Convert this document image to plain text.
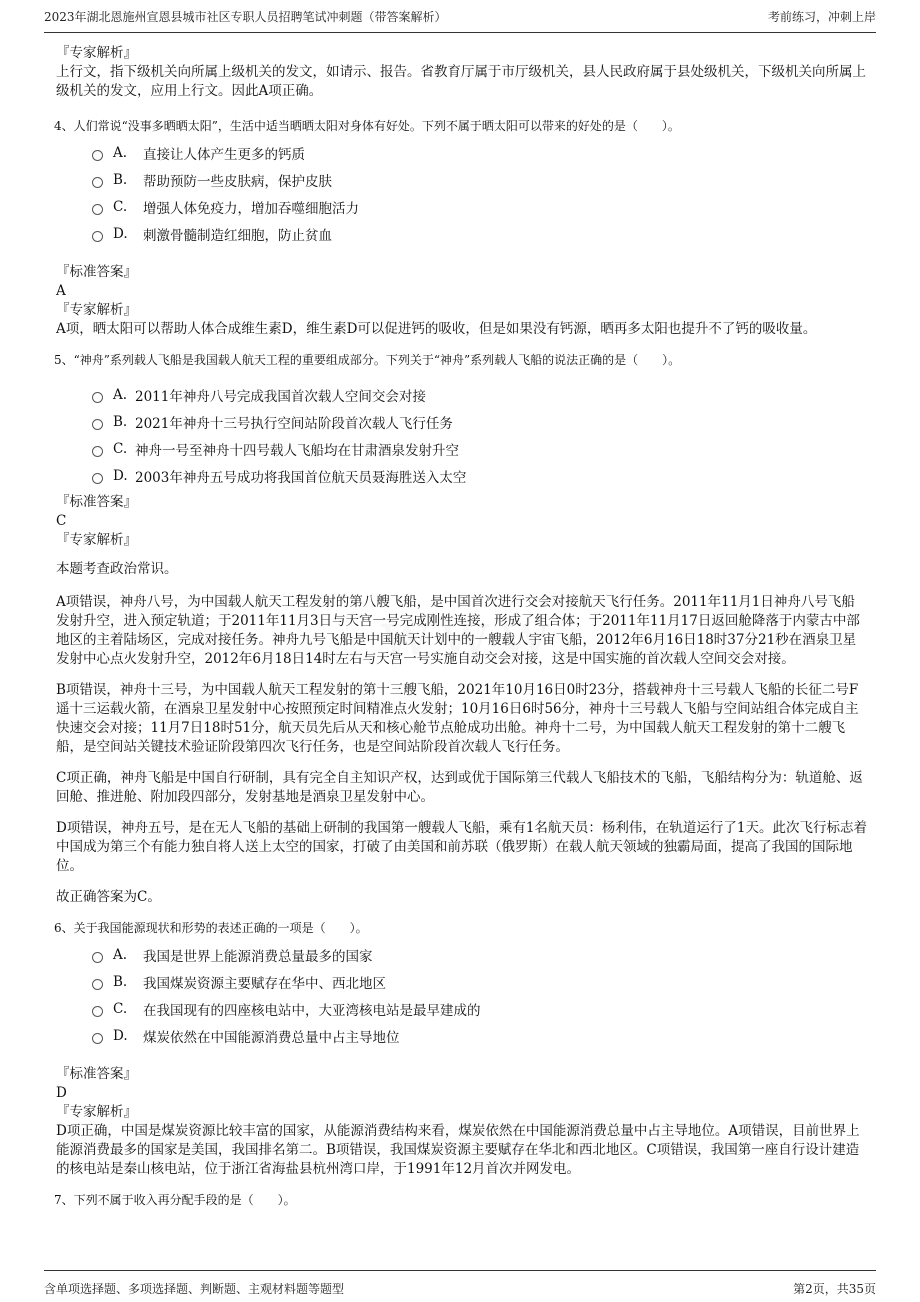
2023年湖北恩施州宣恩县城市社区专职人员招聘笔试冲刺题（带答案解析）	考前练习，冲刺上岸
『专家解析』

上行文，指下级机关向所属上级机关的发文，如请示、报告。省教育厅属于市厅级机关，县人民政府属于县处级机关，下级机关向所属上级机关的发文，应用上行文。因此A项正确。

4、人们常说“没事多晒晒太阳”，生活中适当晒晒太阳对身体有好处。下列不属于晒太阳可以带来的好处的是（　　）。

A.	直接让人体产生更多的钙质
B.	帮助预防一些皮肤病，保护皮肤
C.	增强人体免疫力，增加吞噬细胞活力
D.	刺激骨髓制造红细胞，防止贫血
『标准答案』
A
『专家解析』

A项，晒太阳可以帮助人体合成维生素D，维生素D可以促进钙的吸收，但是如果没有钙源，晒再多太阳也提升不了钙的吸收量。

5、“神舟”系列载人飞船是我国载人航天工程的重要组成部分。下列关于“神舟”系列载人飞船的说法正确的是（　　）。

A. 2011年神舟八号完成我国首次载人空间交会对接
B. 2021年神舟十三号执行空间站阶段首次载人飞行任务
C. 神舟一号至神舟十四号载人飞船均在甘肃酒泉发射升空
D. 2003年神舟五号成功将我国首位航天员聂海胜送入太空
『标准答案』
C
『专家解析』

本题考查政治常识。

A项错误，神舟八号，为中国载人航天工程发射的第八艘飞船，是中国首次进行交会对接航天飞行任务。2011年11月1日神舟八号飞船发射升空，进入预定轨道；于2011年11月3日与天宫一号完成刚性连接，形成了组合体；于2011年11月17日返回舱降落于内蒙古中部地区的主着陆场区，完成对接任务。神舟九号飞船是中国航天计划中的一艘载人宇宙飞船，2012年6月16日18时37分21秒在酒泉卫星发射中心点火发射升空，2012年6月18日14时左右与天宫一号实施自动交会对接，这是中国实施的首次载人空间交会对接。

B项错误，神舟十三号，为中国载人航天工程发射的第十三艘飞船，2021年10月16日0时23分，搭载神舟十三号载人飞船的长征二号F遥十三运载火箭，在酒泉卫星发射中心按照预定时间精准点火发射；10月16日6时56分，神舟十三号载人飞船与空间站组合体完成自主快速交会对接；11月7日18时51分，航天员先后从天和核心舱节点舱成功出舱。神舟十二号，为中国载人航天工程发射的第十二艘飞船，是空间站关键技术验证阶段第四次飞行任务，也是空间站阶段首次载人飞行任务。

C项正确，神舟飞船是中国自行研制，具有完全自主知识产权，达到或优于国际第三代载人飞船技术的飞船，飞船结构分为：轨道舱、返回舱、推进舱、附加段四部分，发射基地是酒泉卫星发射中心。

D项错误，神舟五号，是在无人飞船的基础上研制的我国第一艘载人飞船，乘有1名航天员：杨利伟，在轨道运行了1天。此次飞行标志着中国成为第三个有能力独自将人送上太空的国家，打破了由美国和前苏联（俄罗斯）在载人航天领域的独霸局面，提高了我国的国际地位。

故正确答案为C。

6、关于我国能源现状和形势的表述正确的一项是（　　）。

A.	我国是世界上能源消费总量最多的国家
B.	我国煤炭资源主要赋存在华中、西北地区
C.	在我国现有的四座核电站中，大亚湾核电站是最早建成的
D.	煤炭依然在中国能源消费总量中占主导地位
『标准答案』
D
『专家解析』

D项正确，中国是煤炭资源比较丰富的国家，从能源消费结构来看，煤炭依然在中国能源消费总量中占主导地位。A项错误，目前世界上能源消费最多的国家是美国，我国排名第二。B项错误，我国煤炭资源主要赋存在华北和西北地区。C项错误，我国第一座自行设计建造的核电站是秦山核电站，位于浙江省海盐县杭州湾口岸，于1991年12月首次并网发电。

7、下列不属于收入再分配手段的是（　　）。

含单项选择题、多项选择题、判断题、主观材料题等题型	第2页，共35页
